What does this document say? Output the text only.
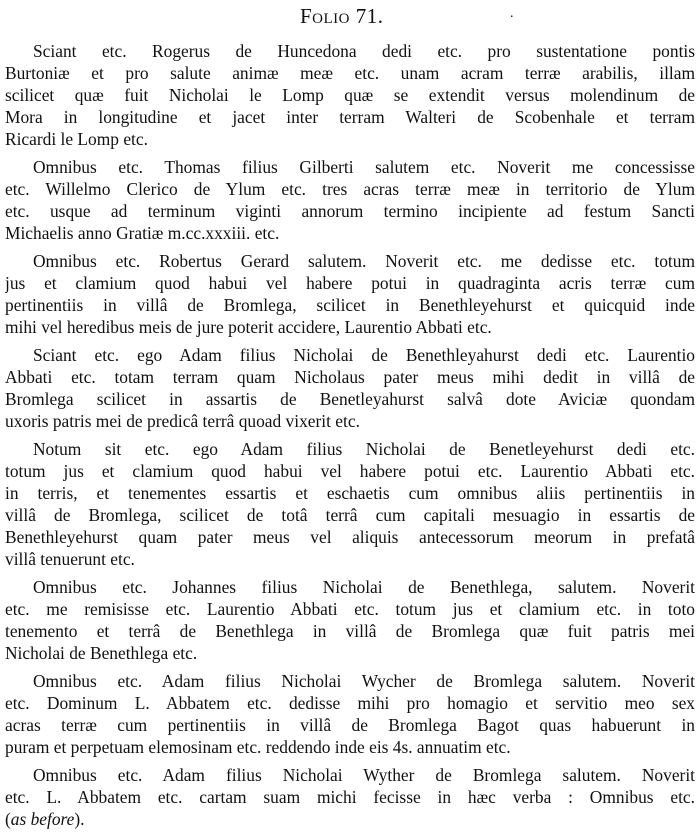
Folio 71.	.
Sciant etc. Rogerus de Huncedona dedi etc. pro sustentatione pontis
Burtoniæ et pro salute animæ meæ etc. unam acram terræ arabilis, illam
scilicet quæ fuit Nicholai le Lomp quæ se extendit versus molendinum de
Mora in longitudine et jacet inter terram Walteri de Scobenhale et terram
Ricardi le Lomp etc.
Omnibus etc. Thomas filius Gilberti salutem etc. Noverit me concessisse
etc. Willelmo Clerico de Ylum etc. tres acras terræ meæ in territorio de Ylum
etc. usque ad terminum viginti annorum termino incipiente ad festum Sancti
Michaelis anno Gratiæ m.cc.xxxiii. etc.
Omnibus etc. Robertus Gerard salutem. Noverit etc. me dedisse etc. totum
jus et clamium quod habui vel habere potui in quadraginta acris terræ cum
pertinentiis in villâ de Bromlega, scilicet in Benethleyehurst et quicquid inde
mihi vel heredibus meis de jure poterit accidere, Laurentio Abbati etc.
Sciant etc. ego Adam filius Nicholai de Benethleyahurst dedi etc. Laurentio
Abbati etc. totam terram quam Nicholaus pater meus mihi dedit in villâ de
Bromlega scilicet in assartis de Benetleyahurst salvâ dote Aviciæ quondam
uxoris patris mei de predicâ terrâ quoad vixerit etc.
Notum sit etc. ego Adam filius Nicholai de Benetleyehurst dedi etc.
totum jus et clamium quod habui vel habere potui etc. Laurentio Abbati etc.
in terris, et tenementes essartis et eschaetis cum omnibus aliis pertinentiis in
villâ de Bromlega, scilicet de totâ terrâ cum capitali mesuagio in essartis de
Benethleyehurst quam pater meus vel aliquis antecessorum meorum in prefatâ
villâ tenuerunt etc.
Omnibus etc. Johannes filius Nicholai de Benethlega, salutem. Noverit
etc. me remisisse etc. Laurentio Abbati etc. totum jus et clamium etc. in toto
tenemento et terrâ de Benethlega in villâ de Bromlega quæ fuit patris mei
Nicholai de Benethlega etc.
Omnibus etc. Adam filius Nicholai Wycher de Bromlega salutem. Noverit
etc. Dominum L. Abbatem etc. dedisse mihi pro homagio et servitio meo sex
acras terræ cum pertinentiis in villâ de Bromlega Bagot quas habuerunt in
puram et perpetuam elemosinam etc. reddendo inde eis 4s. annuatim etc.
Omnibus etc. Adam filius Nicholai Wyther de Bromlega salutem. Noverit
etc. L. Abbatem etc. cartam suam michi fecisse in hæc verba : Omnibus etc.
(as before).
